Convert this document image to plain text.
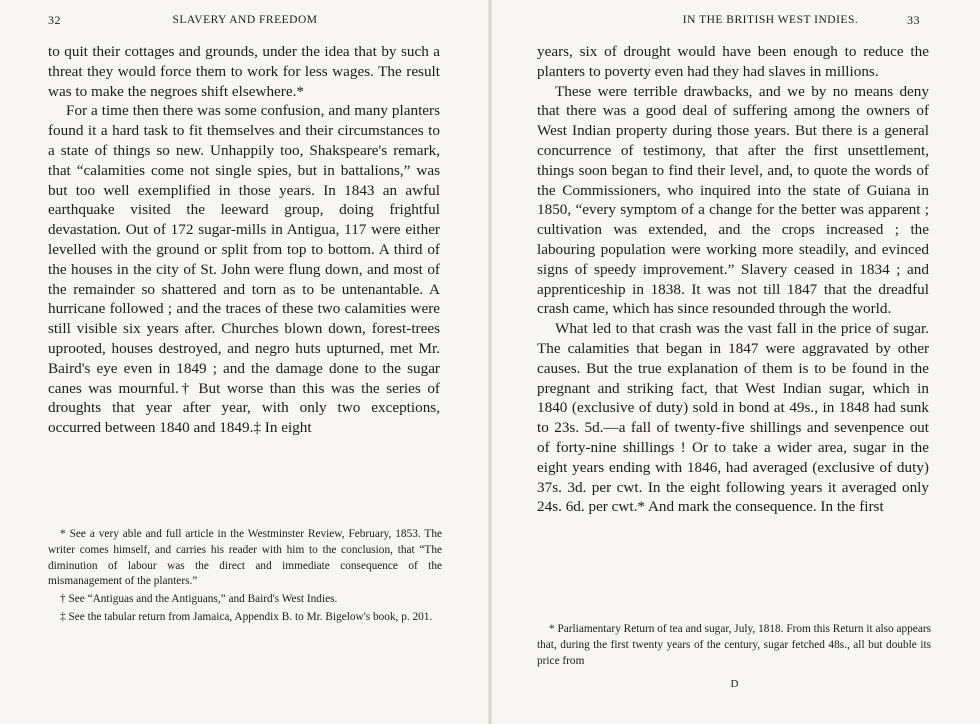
32	SLAVERY AND FREEDOM

to quit their cottages and grounds, under the idea that by such a threat they would force them to work for less wages. The result was to make the negroes shift elsewhere.*

For a time then there was some confusion, and many planters found it a hard task to fit themselves and their circumstances to a state of things so new. Unhappily too, Shakspeare's remark, that “calamities come not single spies, but in battalions,” was but too well exemplified in those years. In 1843 an awful earthquake visited the leeward group, doing frightful devastation. Out of 172 sugar-mills in Antigua, 117 were either levelled with the ground or split from top to bottom. A third of the houses in the city of St. John were flung down, and most of the remainder so shattered and torn as to be untenantable. A hurricane followed ; and the traces of these two calamities were still visible six years after. Churches blown down, forest-trees uprooted, houses destroyed, and negro huts upturned, met Mr. Baird's eye even in 1849 ; and the damage done to the sugar canes was mournful.† But worse than this was the series of droughts that year after year, with only two exceptions, occurred between 1840 and 1849.‡ In eight

* See a very able and full article in the Westminster Review, February, 1853. The writer comes himself, and carries his reader with him to the conclusion, that “The diminution of labour was the direct and immediate consequence of the mismanagement of the planters.”

† See “Antiguas and the Antiguans,” and Baird's West Indies.

‡ See the tabular return from Jamaica, Appendix B. to Mr. Bigelow's book, p. 201.

IN THE BRITISH WEST INDIES.	33

years, six of drought would have been enough to reduce the planters to poverty even had they had slaves in millions.

These were terrible drawbacks, and we by no means deny that there was a good deal of suffering among the owners of West Indian property during those years. But there is a general concurrence of testimony, that after the first unsettlement, things soon began to find their level, and, to quote the words of the Commissioners, who inquired into the state of Guiana in 1850, “every symptom of a change for the better was apparent ; cultivation was extended, and the crops increased ; the labouring population were working more steadily, and evinced signs of speedy improvement.” Slavery ceased in 1834 ; and apprenticeship in 1838. It was not till 1847 that the dreadful crash came, which has since resounded through the world.

What led to that crash was the vast fall in the price of sugar. The calamities that began in 1847 were aggravated by other causes. But the true explanation of them is to be found in the pregnant and striking fact, that West Indian sugar, which in 1840 (exclusive of duty) sold in bond at 49s., in 1848 had sunk to 23s. 5d.—a fall of twenty-five shillings and sevenpence out of forty-nine shillings ! Or to take a wider area, sugar in the eight years ending with 1846, had averaged (exclusive of duty) 37s. 3d. per cwt. In the eight following years it averaged only 24s. 6d. per cwt.* And mark the consequence. In the first

* Parliamentary Return of tea and sugar, July, 1818. From this Return it also appears that, during the first twenty years of the century, sugar fetched 48s., all but double its price from

D
